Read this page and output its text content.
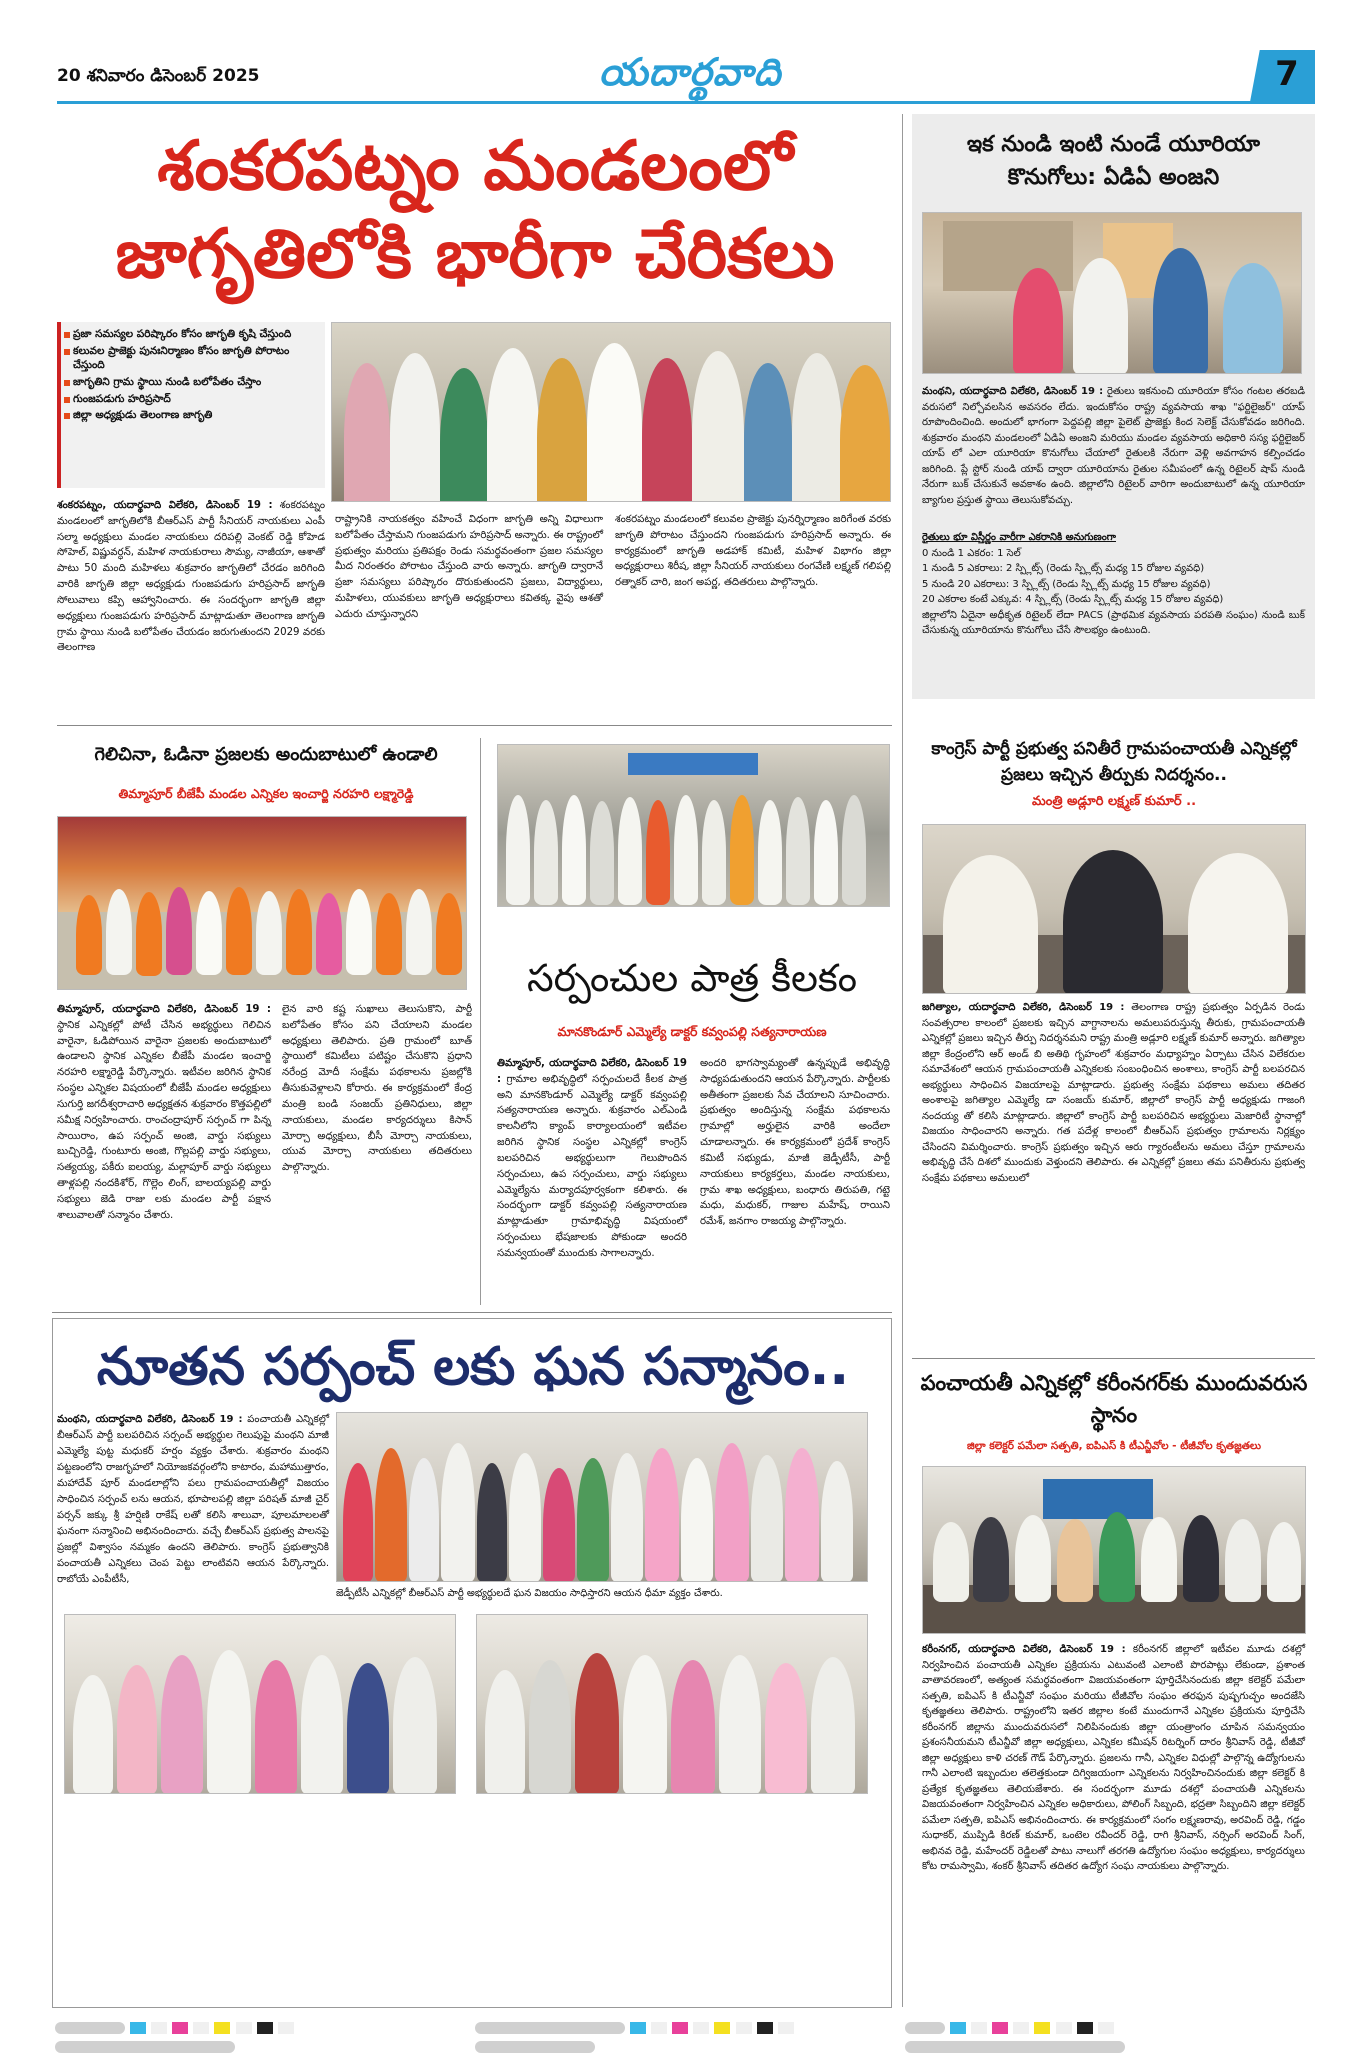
20 శనివారం డిసెంబర్ 2025	యదార్థవాది	7
శంకరపట్నం మండలంలో
జాగృతిలోకి భారీగా చేరికలు
ప్రజా సమస్యల పరిష్కారం కోసం జాగృతి కృషి చేస్తుంది
కలువల ప్రాజెక్టు పునఃనిర్మాణం కోసం జాగృతి పోరాటం చేస్తుంది
జాగృతిని గ్రామ స్థాయి నుండి బలోపేతం చేస్తాం
గుంజపడుగు హరిప్రసాద్
జిల్లా అధ్యక్షుడు తెలంగాణ జాగృతి
శంకరపట్నం, యదార్థవాది విలేకరి, డిసెంబర్ 19 : శంకరపట్నం మండలంలో జాగృతిలోకి బీఆర్ఎస్ పార్టీ సీనియర్ నాయకులు ఎంపీ సల్మా అధ్యక్షులు మండల నాయకులు దరిపల్లి వెంకట్ రెడ్డి కోహెడ సోహెల్, విష్ణువర్ధన్, మహిళ నాయకురాలు సౌమ్య, నాజీయా, ఆశాతో పాటు 50 మంది మహిళలు శుక్రవారం జాగృతిలో చేరడం జరిగింది వారికి జాగృతి జిల్లా అధ్యక్షుడు గుంజపడుగు హరిప్రసాద్ జాగృతి సోలువాలు కప్పి ఆహ్వానించారు. ఈ సందర్భంగా జాగృతి జిల్లా అధ్యక్షులు గుంజపడుగు హరిప్రసాద్ మాట్లాడుతూ తెలంగాణ జాగృతి గ్రామ స్థాయి నుండి బలోపేతం చేయడం జరుగుతుందని 2029 వరకు తెలంగాణ
రాష్ట్రానికి నాయకత్వం వహించే విధంగా జాగృతి అన్ని విధాలుగా బలోపేతం చేస్తామని గుంజపడుగు హరిప్రసాద్ అన్నారు. ఈ రాష్ట్రంలో ప్రభుత్వం మరియు ప్రతిపక్షం రెండు సమర్థవంతంగా ప్రజల సమస్యల మీద నిరంతరం పోరాటం చేస్తుంది వారు అన్నారు. జాగృతి ద్వారానే ప్రజా సమస్యలు పరిష్కారం దొరుకుతుందని ప్రజలు, విద్యార్థులు, మహిళలు, యువకులు జాగృతి అధ్యక్షురాలు కవితక్క వైపు ఆశతో ఎదురు చూస్తున్నారని
శంకరపట్నం మండలంలో కలువల ప్రాజెక్టు పునర్నిర్మాణం జరిగేంత వరకు జాగృతి పోరాటం చేస్తుందని గుంజపడుగు హరిప్రసాద్ అన్నారు. ఈ కార్యక్రమంలో జాగృతి అడహాక్ కమిటీ, మహిళ విభాగం జిల్లా అధ్యక్షురాలు శిరీష, జిల్లా సీనియర్ నాయకులు రంగవేణి లక్ష్మణ్ గలిపల్లి రత్నాకర్ చారి, జంగ అపర్ణ, తదితరులు పాల్గొన్నారు.
గెలిచినా, ఓడినా ప్రజలకు అందుబాటులో ఉండాలి
తిమ్మాపూర్ బీజేపీ మండల ఎన్నికల ఇంచార్జి నరహరి లక్ష్మారెడ్డి
తిమ్మాపూర్, యదార్థవాది విలేకరి, డిసెంబర్ 19 : స్థానిక ఎన్నికల్లో పోటీ చేసిన అభ్యర్థులు గెలిచిన వారైనా, ఓడిపోయిన వారైనా ప్రజలకు అందుబాటులో ఉండాలని స్థానిక ఎన్నికల బీజేపీ మండల ఇంచార్జి నరహరి లక్ష్మారెడ్డి పేర్కొన్నారు. ఇటీవల జరిగిన స్థానిక సంస్థల ఎన్నికల విషయంలో బీజేపీ మండల అధ్యక్షులు సుగుర్తి జగదీశ్వరాచారి అధ్యక్షతన శుక్రవారం కొత్తపల్లిలో సమీక్ష నిర్వహించారు. రాంచంద్రాపూర్ సర్పంచ్ గా పిన్న సాయిరాం, ఉప సర్పంచ్ అంజి, వార్డు సభ్యులు బుచ్చిరెడ్డి, గుంటూరు అంజి, గొల్లపల్లి వార్డు సభ్యులు, సత్యయ్య, పకీరు ఐలయ్య, మల్లాపూర్ వార్డు సభ్యులు తాళ్లపల్లి నందకిశోర్, గొల్లెం లింగ్, బాలయ్యపల్లి వార్డు సభ్యులు జెడి రాజు లకు మండల పార్టీ పక్షాన శాలువాలతో సన్మానం చేశారు.
లైన వారి కష్ట సుఖాలు తెలుసుకొని, పార్టీ బలోపేతం కోసం పని చేయాలని మండల అధ్యక్షులు తెలిపారు. ప్రతి గ్రామంలో బూత్ స్థాయిలో కమిటీలు పటిష్టం చేసుకొని ప్రధాని నరేంద్ర మోదీ సంక్షేమ పథకాలను ప్రజల్లోకి తీసుకువెళ్లాలని కోరారు. ఈ కార్యక్రమంలో కేంద్ర మంత్రి బండి సంజయ్ ప్రతినిధులు, జిల్లా నాయకులు, మండల కార్యదర్శులు కిసాన్ మోర్చా అధ్యక్షులు, బీసీ మోర్చా నాయకులు, యువ మోర్చా నాయకులు తదితరులు పాల్గొన్నారు.
సర్పంచుల పాత్ర కీలకం
మానకొండూర్ ఎమ్మెల్యే డాక్టర్ కవ్వంపల్లి సత్యనారాయణ
తిమ్మాపూర్, యదార్థవాది విలేకరి, డిసెంబర్ 19 : గ్రామాల అభివృద్ధిలో సర్పంచులదే కీలక పాత్ర అని మానకొండూర్ ఎమ్మెల్యే డాక్టర్ కవ్వంపల్లి సత్యనారాయణ అన్నారు. శుక్రవారం ఎల్ఎండి కాలనీలోని క్యాంప్ కార్యాలయంలో ఇటీవల జరిగిన స్థానిక సంస్థల ఎన్నికల్లో కాంగ్రెస్ బలపరిచిన అభ్యర్థులుగా గెలుపొందిన సర్పంచులు, ఉప సర్పంచులు, వార్డు సభ్యులు ఎమ్మెల్యేను మర్యాదపూర్వకంగా కలిశారు. ఈ సందర్భంగా డాక్టర్ కవ్వంపల్లి సత్యనారాయణ మాట్లాడుతూ గ్రామాభివృద్ధి విషయంలో సర్పంచులు భేషజాలకు పోకుండా అందరి సమన్వయంతో ముందుకు సాగాలన్నారు.
అందరి భాగస్వామ్యంతో ఉన్నప్పుడే అభివృద్ధి సాధ్యపడుతుందని ఆయన పేర్కొన్నారు. పార్టీలకు అతీతంగా ప్రజలకు సేవ చేయాలని సూచించారు. ప్రభుత్వం అందిస్తున్న సంక్షేమ పథకాలను గ్రామాల్లో అర్హులైన వారికి అందేలా చూడాలన్నారు. ఈ కార్యక్రమంలో ప్రదేశ్ కాంగ్రెస్ కమిటీ సభ్యుడు, మాజీ జెడ్పీటీసీ, పార్టీ నాయకులు కార్యకర్తలు, మండల నాయకులు, గ్రామ శాఖ అధ్యక్షులు, బంధారు తిరుపతి, గట్టె మధు, మధుకర్, గాజుల మహేష్, రాయిని రమేశ్, జనగాం రాజయ్య పాల్గొన్నారు.
నూతన సర్పంచ్ లకు ఘన సన్మానం..
మంథని, యదార్థవాది విలేకరి, డిసెంబర్ 19 : పంచాయతీ ఎన్నికల్లో బీఆర్ఎస్ పార్టీ బలపరిచిన సర్పంచ్ అభ్యర్థుల గెలుపుపై మంథని మాజీ ఎమ్మెల్యే పుట్ట మధుకర్ హర్షం వ్యక్తం చేశారు. శుక్రవారం మంథని పట్టణంలోని రాజగృహలో నియోజకవర్గంలోని కాటారం, మహాముత్తారం, మహాదేవ్ పూర్ మండలాల్లోని పలు గ్రామపంచాయతీల్లో విజయం సాధించిన సర్పంచ్ లను ఆయన, భూపాలపల్లి జిల్లా పరిషత్ మాజీ చైర్ పర్సన్ జక్కు శ్రీ హర్షిణి రాకేష్ లతో కలిసి శాలువా, పూలమాలలతో ఘనంగా సన్మానించి అభినందించారు. వచ్చే బీఆర్ఎస్ ప్రభుత్వ పాలనపై ప్రజల్లో విశ్వాసం నమ్మకం ఉందని తెలిపారు. కాంగ్రెస్ ప్రభుత్వానికి పంచాయతీ ఎన్నికలు చెంప పెట్టు లాంటివని ఆయన పేర్కొన్నారు. రాబోయే ఎంపీటీసీ,
జెడ్పీటీసీ ఎన్నికల్లో బీఆర్ఎస్ పార్టీ అభ్యర్థులదే ఘన విజయం సాధిస్తారని ఆయన ధీమా వ్యక్తం చేశారు.
ఇక నుండి ఇంటి నుండే యూరియా కొనుగోలు: ఏడిఏ అంజని
మంథని, యదార్థవాది విలేకరి, డిసెంబర్ 19 : రైతులు ఇకనుంచి యూరియా కోసం గంటల తరబడి వరుసలో నిల్చోవలసిన అవసరం లేదు. ఇందుకోసం రాష్ట్ర వ్యవసాయ శాఖ "ఫర్టిలైజర్" యాప్ రూపొందించింది. అందులో భాగంగా పెద్దపల్లి జిల్లా పైలెట్ ప్రాజెక్టు కింద సెలెక్ట్ చేసుకోవడం జరిగింది. శుక్రవారం మంథని మండలంలో ఏడిఏ అంజని మరియు మండల వ్యవసాయ అధికారి సస్య ఫర్టిలైజర్ యాప్ లో ఎలా యూరియా కొనుగోలు చేయాలో రైతులకి నేరుగా వెళ్లి అవగాహన కల్పించడం జరిగింది. ప్లే స్టోర్ నుండి యాప్ ద్వారా యూరియాను రైతుల సమీపంలో ఉన్న రిటైలర్ షాప్ నుండి నేరుగా బుక్ చేసుకునే అవకాశం ఉంది. జిల్లాలోని రిటైలర్ వారిగా అందుబాటులో ఉన్న యూరియా బ్యాగుల ప్రస్తుత స్థాయి తెలుసుకోవచ్చు.
రైతులు భూ విస్తీర్ణం వారీగా ఎకరానికి అనుగుణంగా
0 నుండి 1 ఎకరం: 1 సెల్
1 నుండి 5 ఎకరాలు: 2 స్ప్లిట్స్ (రెండు స్ప్లిట్స్ మధ్య 15 రోజుల వ్యవధి)
5 నుండి 20 ఎకరాలు: 3 స్ప్లిట్స్ (రెండు స్ప్లిట్స్ మధ్య 15 రోజుల వ్యవధి)
20 ఎకరాల కంటే ఎక్కువ: 4 స్ప్లిట్స్ (రెండు స్ప్లిట్స్ మధ్య 15 రోజుల వ్యవధి)
జిల్లాలోని ఏదైనా అధీకృత రిటైలర్ లేదా PACS (ప్రాథమిక వ్యవసాయ పరపతి సంఘం) నుండి బుక్ చేసుకున్న యూరియాను కొనుగోలు చేసే సౌలభ్యం ఉంటుంది.
కాంగ్రెస్ పార్టీ ప్రభుత్వ పనితీరే గ్రామపంచాయతీ ఎన్నికల్లో ప్రజలు ఇచ్చిన తీర్పుకు నిదర్శనం..
మంత్రి అడ్లూరి లక్ష్మణ్ కుమార్ ..
జగిత్యాల, యదార్థవాది విలేకరి, డిసెంబర్ 19 : తెలంగాణ రాష్ట్ర ప్రభుత్వం ఏర్పడిన రెండు సంవత్సరాల కాలంలో ప్రజలకు ఇచ్చిన వాగ్దానాలను అమలుపరుస్తున్న తీరుకు, గ్రామపంచాయతీ ఎన్నికల్లో ప్రజలు ఇచ్చిన తీర్పు నిదర్శనమని రాష్ట్ర మంత్రి అడ్లూరి లక్ష్మణ్ కుమార్ అన్నారు. జగిత్యాల జిల్లా కేంద్రంలోని ఆర్ అండ్ బి అతిథి గృహంలో శుక్రవారం మధ్యాహ్నం ఏర్పాటు చేసిన విలేకరుల సమావేశంలో ఆయన గ్రామపంచాయతీ ఎన్నికలకు సంబంధించిన అంశాలు, కాంగ్రెస్ పార్టీ బలపరచిన అభ్యర్థులు సాధించిన విజయాలపై మాట్లాడారు. ప్రభుత్వ సంక్షేమ పథకాలు అమలు తదితర అంశాలపై జగిత్యాల ఎమ్మెల్యే డా సంజయ్ కుమార్, జిల్లాలో కాంగ్రెస్ పార్టీ అధ్యక్షుడు గాజంగి నందయ్య తో కలిసి మాట్లాడారు. జిల్లాలో కాంగ్రెస్ పార్టీ బలపరిచిన అభ్యర్థులు మెజారిటీ స్థానాల్లో విజయం సాధించారని అన్నారు. గత పదేళ్ల కాలంలో బీఆర్ఎస్ ప్రభుత్వం గ్రామాలను నిర్లక్ష్యం చేసిందని విమర్శించారు. కాంగ్రెస్ ప్రభుత్వం ఇచ్చిన ఆరు గ్యారంటీలను అమలు చేస్తూ గ్రామాలను అభివృద్ధి చేసే దిశలో ముందుకు వెళ్తుందని తెలిపారు. ఈ ఎన్నికల్లో ప్రజలు తమ పనితీరును ప్రభుత్వ సంక్షేమ పథకాలు అమలులో
పంచాయతీ ఎన్నికల్లో కరీంనగర్‌కు ముందువరుస స్థానం
జిల్లా కలెక్టర్ పమేలా సత్పతి, ఐపిఎస్ కి టీఎన్జీవోల - టీజీవోల కృతజ్ఞతలు
కరీంనగర్, యదార్థవాది విలేకరి, డిసెంబర్ 19 : కరీంనగర్ జిల్లాలో ఇటీవల మూడు దశల్లో నిర్వహించిన పంచాయతీ ఎన్నికల ప్రక్రియను ఎటువంటి ఎలాంటి పొరపాట్లు లేకుండా, ప్రశాంత వాతావరణంలో, అత్యంత సమర్థవంతంగా విజయవంతంగా పూర్తిచేసినందుకు జిల్లా కలెక్టర్ పమేలా సత్పతి, ఐపిఎస్ కి టీఎన్జీవో సంఘం మరియు టీజీవోల సంఘం తరఫున పుష్పగుచ్ఛం అందజేసి కృతజ్ఞతలు తెలిపారు. రాష్ట్రంలోని ఇతర జిల్లాల కంటే ముందుగానే ఎన్నికల ప్రక్రియను పూర్తిచేసి కరీంనగర్ జిల్లాను ముందువరుసలో నిలిపినందుకు జిల్లా యంత్రాంగం చూపిన సమన్వయం ప్రశంసనీయమని టీఎన్జీవో జిల్లా అధ్యక్షులు, ఎన్నికల కమీషన్ రిటర్నింగ్ దారం శ్రీనివాస్ రెడ్డి, టీజీవో జిల్లా అధ్యక్షులు కాళి చరణ్ గౌడ్ పేర్కొన్నారు. ప్రజలను గానీ, ఎన్నికల విధుల్లో పాల్గొన్న ఉద్యోగులను గానీ ఎలాంటి ఇబ్బందుల తలెత్తకుండా దిగ్విజయంగా ఎన్నికలను నిర్వహించినందుకు జిల్లా కలెక్టర్ కి ప్రత్యేక కృతజ్ఞతలు తెలియజేశారు. ఈ సందర్భంగా మూడు దశల్లో పంచాయతీ ఎన్నికలను విజయవంతంగా నిర్వహించిన ఎన్నికల అధికారులు, పోలింగ్ సిబ్బంది, భద్రతా సిబ్బందిని జిల్లా కలెక్టర్ పమేలా సత్పతి, ఐపిఎస్ అభినందించారు. ఈ కార్యక్రమంలో సంగం లక్ష్మణరావు, అరవింద్ రెడ్డి, గడ్డం సుధాకర్, ముప్పిడి కిరణ్ కుమార్, ఒంటెల రవీందర్ రెడ్డి, రాగి శ్రీనివాస్, నర్సింగ్ అరవింద్ సింగ్, అభినవ రెడ్డి, మహేందర్ రెడ్డిలతో పాటు నాలుగో తరగతి ఉద్యోగుల సంఘం అధ్యక్షులు, కార్యదర్శులు కోట రామస్వామి, శంకర్ శ్రీనివాస్ తదితర ఉద్యోగ సంఘ నాయకులు పాల్గొన్నారు.
